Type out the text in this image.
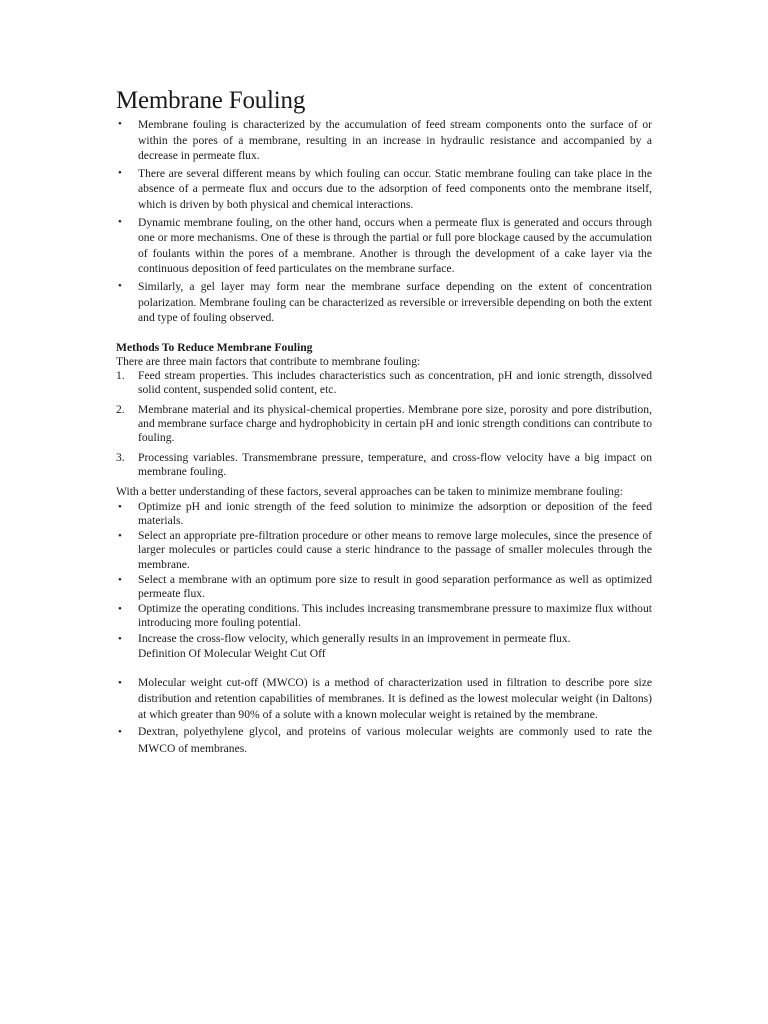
Membrane Fouling
• Membrane fouling is characterized by the accumulation of feed stream components onto the surface of or within the pores of a membrane, resulting in an increase in hydraulic resistance and accompanied by a decrease in permeate flux.
• There are several different means by which fouling can occur. Static membrane fouling can take place in the absence of a permeate flux and occurs due to the adsorption of feed components onto the membrane itself, which is driven by both physical and chemical interactions.
• Dynamic membrane fouling, on the other hand, occurs when a permeate flux is generated and occurs through one or more mechanisms. One of these is through the partial or full pore blockage caused by the accumulation of foulants within the pores of a membrane. Another is through the development of a cake layer via the continuous deposition of feed particulates on the membrane surface.
• Similarly, a gel layer may form near the membrane surface depending on the extent of concentration polarization. Membrane fouling can be characterized as reversible or irreversible depending on both the extent and type of fouling observed.
Methods To Reduce Membrane Fouling

There are three main factors that contribute to membrane fouling:

1. Feed stream properties. This includes characteristics such as concentration, pH and ionic strength, dissolved solid content, suspended solid content, etc.
2. Membrane material and its physical-chemical properties. Membrane pore size, porosity and pore distribution, and membrane surface charge and hydrophobicity in certain pH and ionic strength conditions can contribute to fouling.
3. Processing variables. Transmembrane pressure, temperature, and cross-flow velocity have a big impact on membrane fouling.

With a better understanding of these factors, several approaches can be taken to minimize membrane fouling:

• Optimize pH and ionic strength of the feed solution to minimize the adsorption or deposition of the feed materials.
• Select an appropriate pre-filtration procedure or other means to remove large molecules, since the presence of larger molecules or particles could cause a steric hindrance to the passage of smaller molecules through the membrane.
• Select a membrane with an optimum pore size to result in good separation performance as well as optimized permeate flux.
• Optimize the operating conditions. This includes increasing transmembrane pressure to maximize flux without introducing more fouling potential.
• Increase the cross-flow velocity, which generally results in an improvement in permeate flux.
Definition Of Molecular Weight Cut Off
• Molecular weight cut-off (MWCO) is a method of characterization used in filtration to describe pore size distribution and retention capabilities of membranes. It is defined as the lowest molecular weight (in Daltons) at which greater than 90% of a solute with a known molecular weight is retained by the membrane.
• Dextran, polyethylene glycol, and proteins of various molecular weights are commonly used to rate the MWCO of membranes.
